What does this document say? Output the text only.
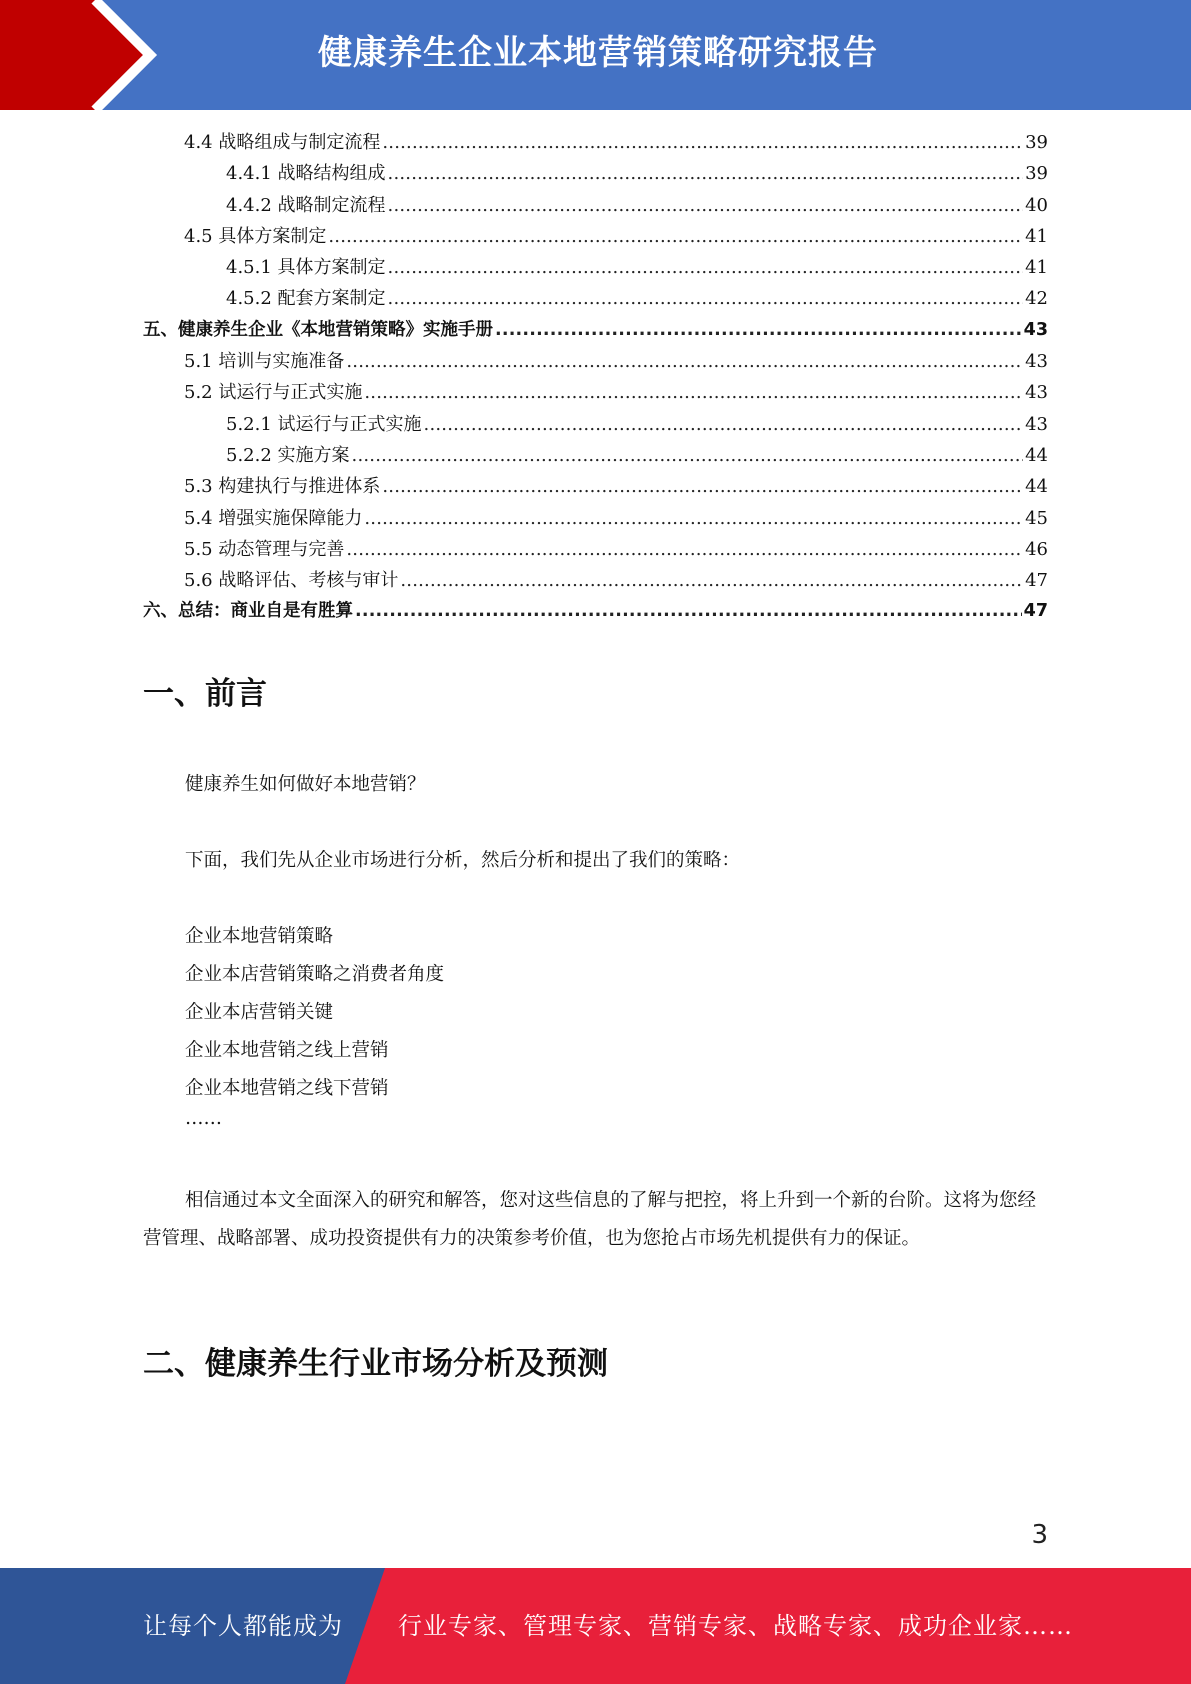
健康养生企业本地营销策略研究报告
4.4 战略组成与制定流程 .....	39
4.4.1 战略结构组成 .....	39
4.4.2 战略制定流程 .....	40
4.5 具体方案制定 .....	41
4.5.1 具体方案制定 .....	41
4.5.2 配套方案制定 .....	42
五、健康养生企业《本地营销策略》实施手册 .....	43
5.1 培训与实施准备 .....	43
5.2 试运行与正式实施 .....	43
5.2.1 试运行与正式实施 .....	43
5.2.2 实施方案 .....	44
5.3 构建执行与推进体系 .....	44
5.4 增强实施保障能力 .....	45
5.5 动态管理与完善 .....	46
5.6 战略评估、考核与审计 .....	47
六、总结：商业自是有胜算 .....	47
一、前言
健康养生如何做好本地营销？
下面，我们先从企业市场进行分析，然后分析和提出了我们的策略：
企业本地营销策略
企业本店营销策略之消费者角度
企业本店营销关键
企业本地营销之线上营销
企业本地营销之线下营销
……
相信通过本文全面深入的研究和解答，您对这些信息的了解与把控，将上升到一个新的台阶。这将为您经营管理、战略部署、成功投资提供有力的决策参考价值，也为您抢占市场先机提供有力的保证。
二、健康养生行业市场分析及预测
3
让每个人都能成为 行业专家、管理专家、营销专家、战略专家、成功企业家……
